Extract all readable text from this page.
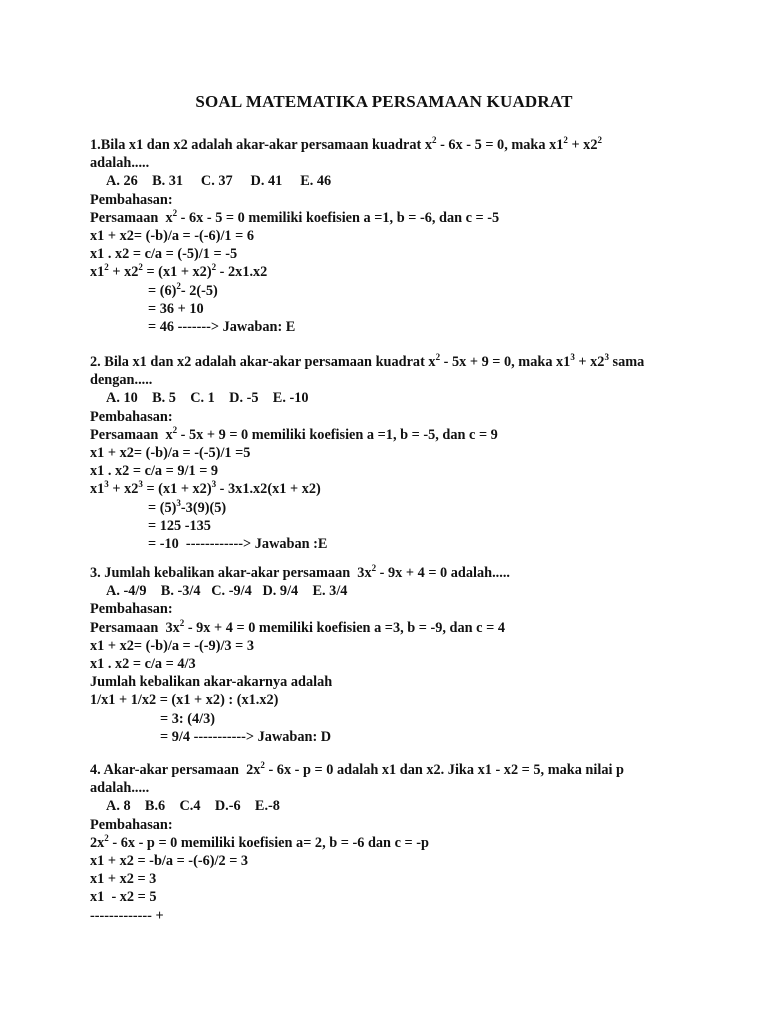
SOAL MATEMATIKA PERSAMAAN KUADRAT
1.Bila x1 dan x2 adalah akar-akar persamaan kuadrat $x^2 - 6x - 5 = 0$, maka $x1^2 + x2^2$
adalah.....
A. 26    B. 31     C. 37     D. 41     E. 46
Pembahasan:
Persamaan  $x^2 - 6x - 5 = 0$ memiliki koefisien a =1, b = -6, dan c = -5
x1 + x2= (-b)/a = -(-6)/1 = 6
x1 . x2 = c/a = (-5)/1 = -5
$x1^2 + x2^2 = (x1 + x2)^2 - 2x1.x2$
= $(6)^2-$ 2(-5)
= 36 + 10
= 46 -------> Jawaban: E
2. Bila x1 dan x2 adalah akar-akar persamaan kuadrat $x^2 - 5x + 9 = 0$, maka $x1^3 + x2^3$ sama
dengan.....
A. 10    B. 5    C. 1    D. -5    E. -10
Pembahasan:
Persamaan  $x^2 - 5x + 9 = 0$ memiliki koefisien a =1, b = -5, dan c = 9
x1 + x2= (-b)/a = -(-5)/1 =5
x1 . x2 = c/a = 9/1 = 9
$x1^3 + x2^3 = (x1 + x2)^3 - 3x1.x2(x1 + x2)$
= $(5)^3-3(9)(5)$
= 125 -135
= -10  ------------> Jawaban :E
3. Jumlah kebalikan akar-akar persamaan  $3x^2 - 9x + 4 = 0$ adalah.....
A. -4/9    B. -3/4   C. -9/4   D. 9/4    E. 3/4
Pembahasan:
Persamaan  $3x^2 - 9x + 4 = 0$ memiliki koefisien a =3, b = -9, dan c = 4
x1 + x2= (-b)/a = -(-9)/3 = 3
x1 . x2 = c/a = 4/3
Jumlah kebalikan akar-akarnya adalah
1/x1 + 1/x2 = (x1 + x2) : (x1.x2)
= 3: (4/3)
= 9/4 -----------> Jawaban: D
4. Akar-akar persamaan  $2x^2 - 6x - p = 0$ adalah x1 dan x2. Jika x1 - x2 = 5, maka nilai p
adalah.....
A. 8    B.6    C.4    D.-6    E.-8
Pembahasan:
$2x^2 - 6x - p = 0$ memiliki koefisien a= 2, b = -6 dan c = -p
x1 + x2 = -b/a = -(-6)/2 = 3
x1 + x2 = 3
x1  - x2 = 5
------------- +
